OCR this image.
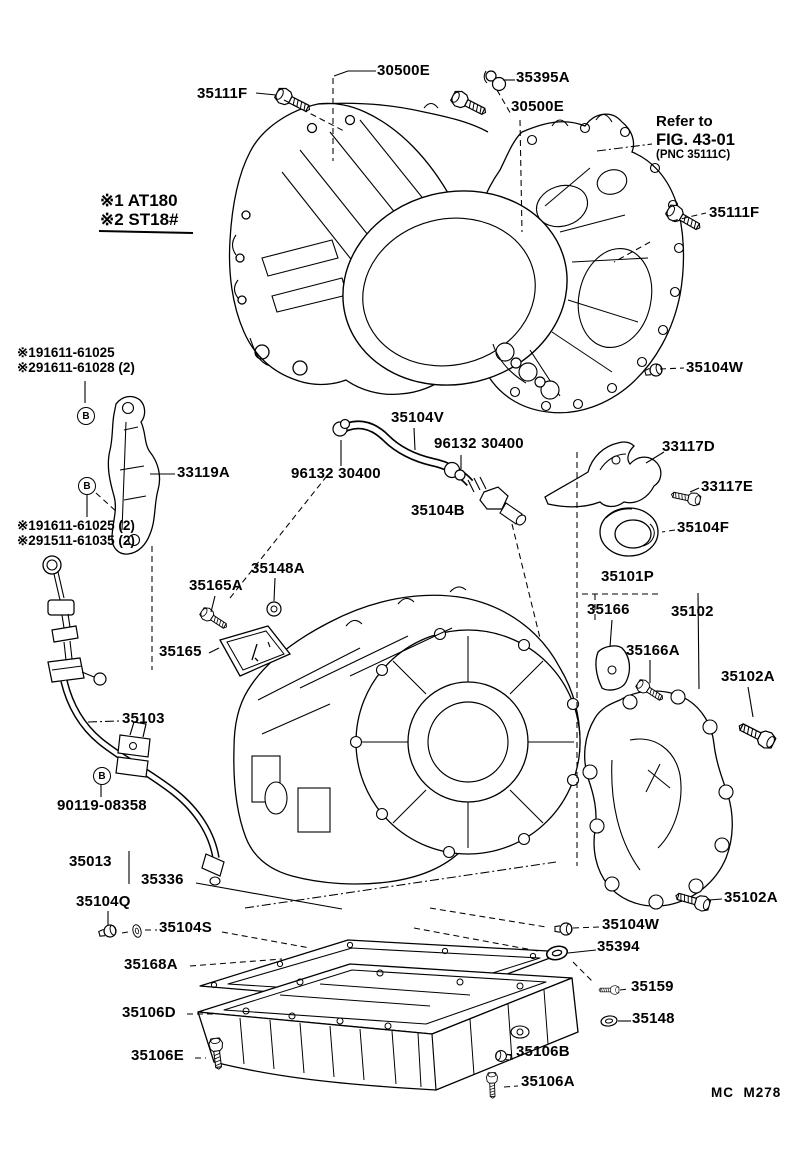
35111F
30500E	35395A
30500E
35111F
35104W
33119A	96132 30400
35104V
96132 30400
35104B
33117D
33117E
35104F
35101P
35166	35102
35166A
35102A
35148A
35165A
35165
35103
90119-08358
35013
35336
35104Q
35104S
35168A
35106D
35106E
35102A
35104W
35394
35159
35148
35106B
35106A
B
B
B
※1 AT180
※2 ST18#
Refer to
FIG. 43-01
(PNC 35111C)
※191611-61025
※291611-61028 (2)
※191611-61025 (2)
※291511-61035 (2)
MC  M278
